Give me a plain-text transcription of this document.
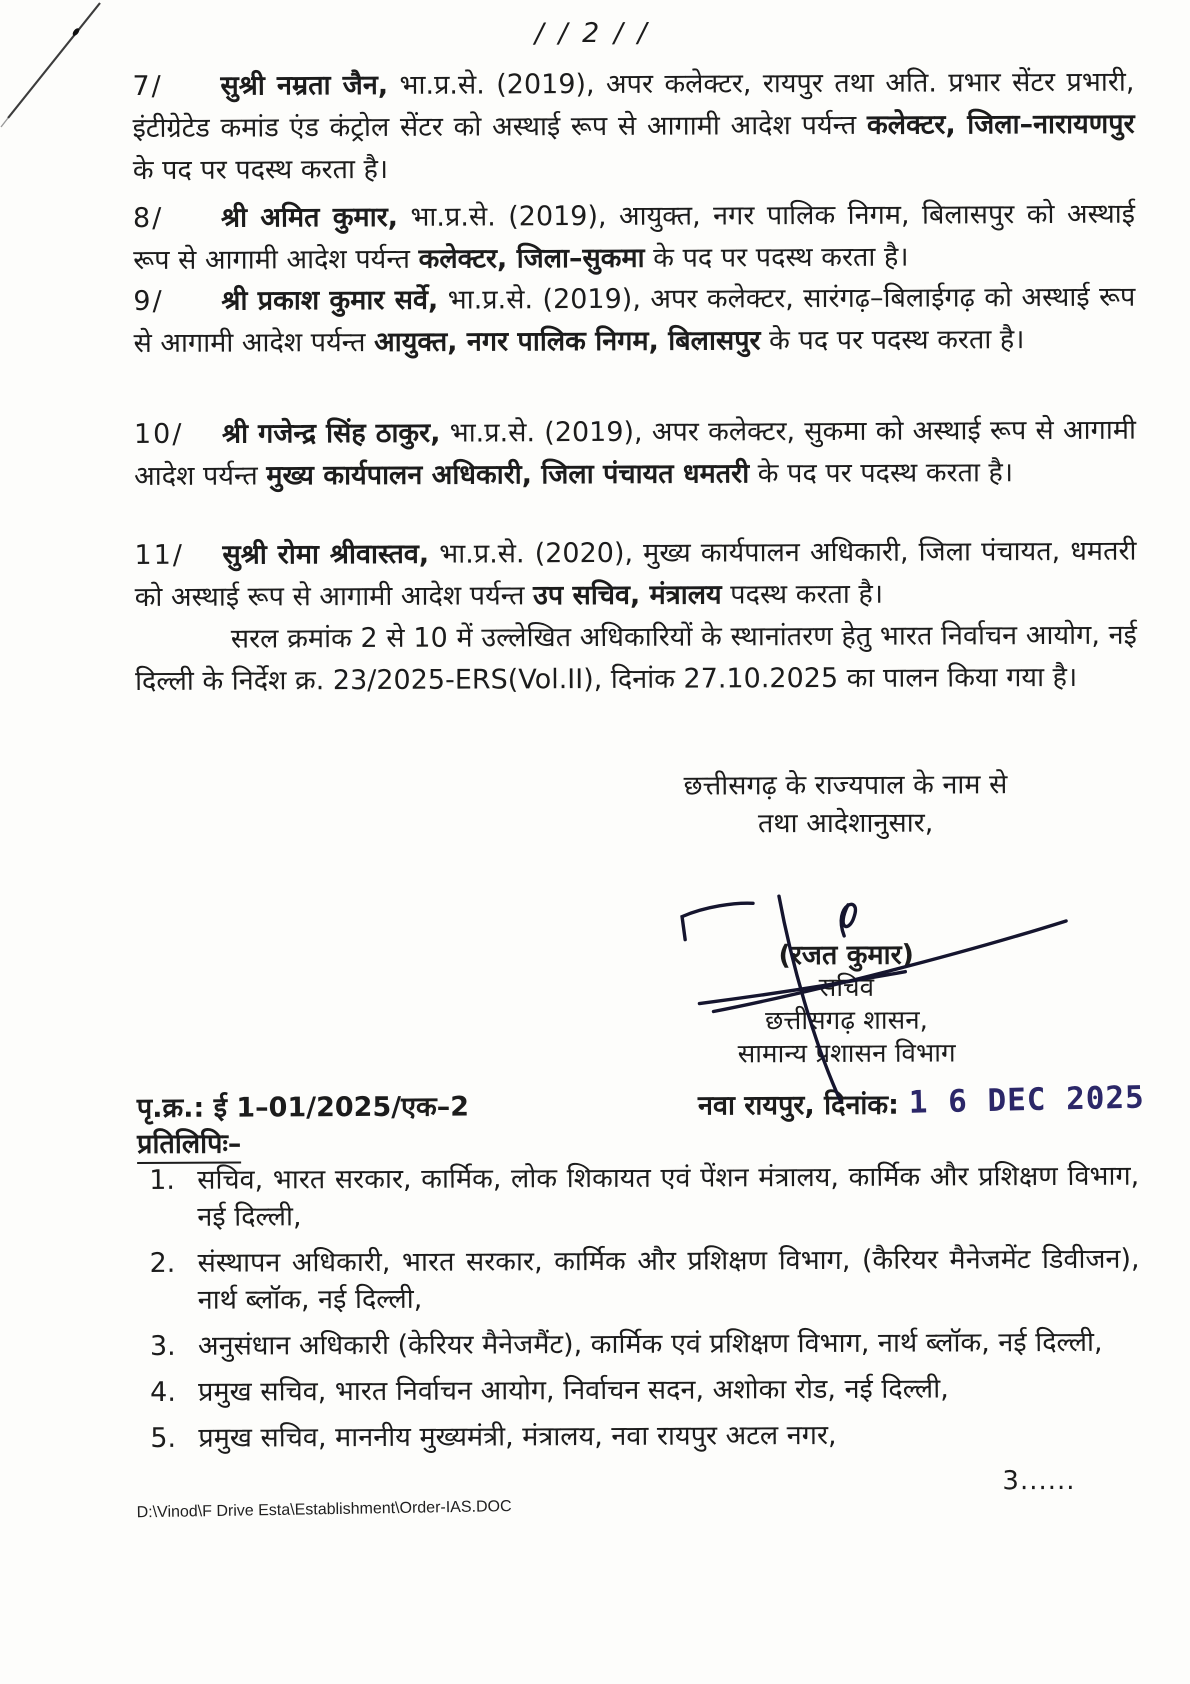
/ / 2 / /
7/ सुश्री नम्रता जैन, भा.प्र.से. (2019), अपर कलेक्टर, रायपुर तथा अति. प्रभार सेंटर प्रभारी, इंटीग्रेटेड कमांड एंड कंट्रोल सेंटर को अस्थाई रूप से आगामी आदेश पर्यन्त कलेक्टर, जिला–नारायणपुर के पद पर पदस्थ करता है।
8/ श्री अमित कुमार, भा.प्र.से. (2019), आयुक्त, नगर पालिक निगम, बिलासपुर को अस्थाई रूप से आगामी आदेश पर्यन्त कलेक्टर, जिला–सुकमा के पद पर पदस्थ करता है।
9/ श्री प्रकाश कुमार सर्वे, भा.प्र.से. (2019), अपर कलेक्टर, सारंगढ़–बिलाईगढ़ को अस्थाई रूप से आगामी आदेश पर्यन्त आयुक्त, नगर पालिक निगम, बिलासपुर के पद पर पदस्थ करता है।
10/ श्री गजेन्द्र सिंह ठाकुर, भा.प्र.से. (2019), अपर कलेक्टर, सुकमा को अस्थाई रूप से आगामी आदेश पर्यन्त मुख्य कार्यपालन अधिकारी, जिला पंचायत धमतरी के पद पर पदस्थ करता है।
11/ सुश्री रोमा श्रीवास्तव, भा.प्र.से. (2020), मुख्य कार्यपालन अधिकारी, जिला पंचायत, धमतरी को अस्थाई रूप से आगामी आदेश पर्यन्त उप सचिव, मंत्रालय पदस्थ करता है।
सरल क्रमांक 2 से 10 में उल्लेखित अधिकारियों के स्थानांतरण हेतु भारत निर्वाचन आयोग, नई दिल्ली के निर्देश क्र. 23/2025-ERS(Vol.II), दिनांक 27.10.2025 का पालन किया गया है।
छत्तीसगढ़ के राज्यपाल के नाम से
तथा आदेशानुसार,
(रजत कुमार)
सचिव
छत्तीसगढ़ शासन,
सामान्य प्रशासन विभाग
पृ.क्र.: ई 1–01/2025/एक–2	नवा रायपुर, दिनांक: 1 6 DEC 2025
प्रतिलिपिः–
1. सचिव, भारत सरकार, कार्मिक, लोक शिकायत एवं पेंशन मंत्रालय, कार्मिक और प्रशिक्षण विभाग, नई दिल्ली,
2. संस्थापन अधिकारी, भारत सरकार, कार्मिक और प्रशिक्षण विभाग, (कैरियर मैनेजमेंट डिवीजन), नार्थ ब्लॉक, नई दिल्ली,
3. अनुसंधान अधिकारी (केरियर मैनेजमैंट), कार्मिक एवं प्रशिक्षण विभाग, नार्थ ब्लॉक, नई दिल्ली,
4. प्रमुख सचिव, भारत निर्वाचन आयोग, निर्वाचन सदन, अशोका रोड, नई दिल्ली,
5. प्रमुख सचिव, माननीय मुख्यमंत्री, मंत्रालय, नवा रायपुर अटल नगर,
3......
D:\Vinod\F Drive Esta\Establishment\Order-IAS.DOC
